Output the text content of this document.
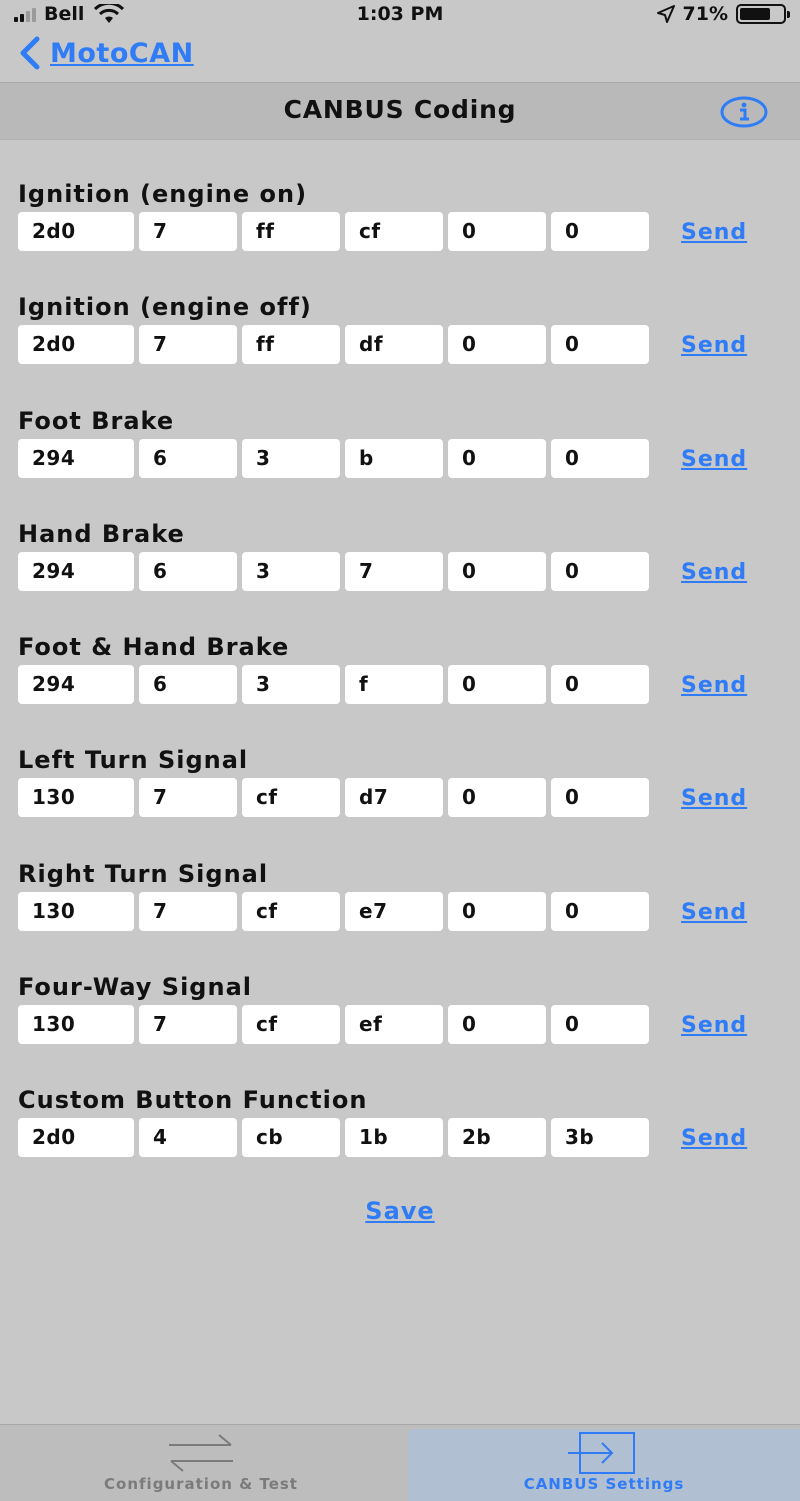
Bell	1:03 PM	71%
MotoCAN
CANBUS Coding
Ignition (engine on)
2d0	7	ff	cf	0	0	Send
Ignition (engine off)
2d0	7	ff	df	0	0	Send
Foot Brake
294	6	3	b	0	0	Send
Hand Brake
294	6	3	7	0	0	Send
Foot & Hand Brake
294	6	3	f	0	0	Send
Left Turn Signal
130	7	cf	d7	0	0	Send
Right Turn Signal
130	7	cf	e7	0	0	Send
Four-Way Signal
130	7	cf	ef	0	0	Send
Custom Button Function
2d0	4	cb	1b	2b	3b	Send
Save
Configuration & Test	CANBUS Settings
